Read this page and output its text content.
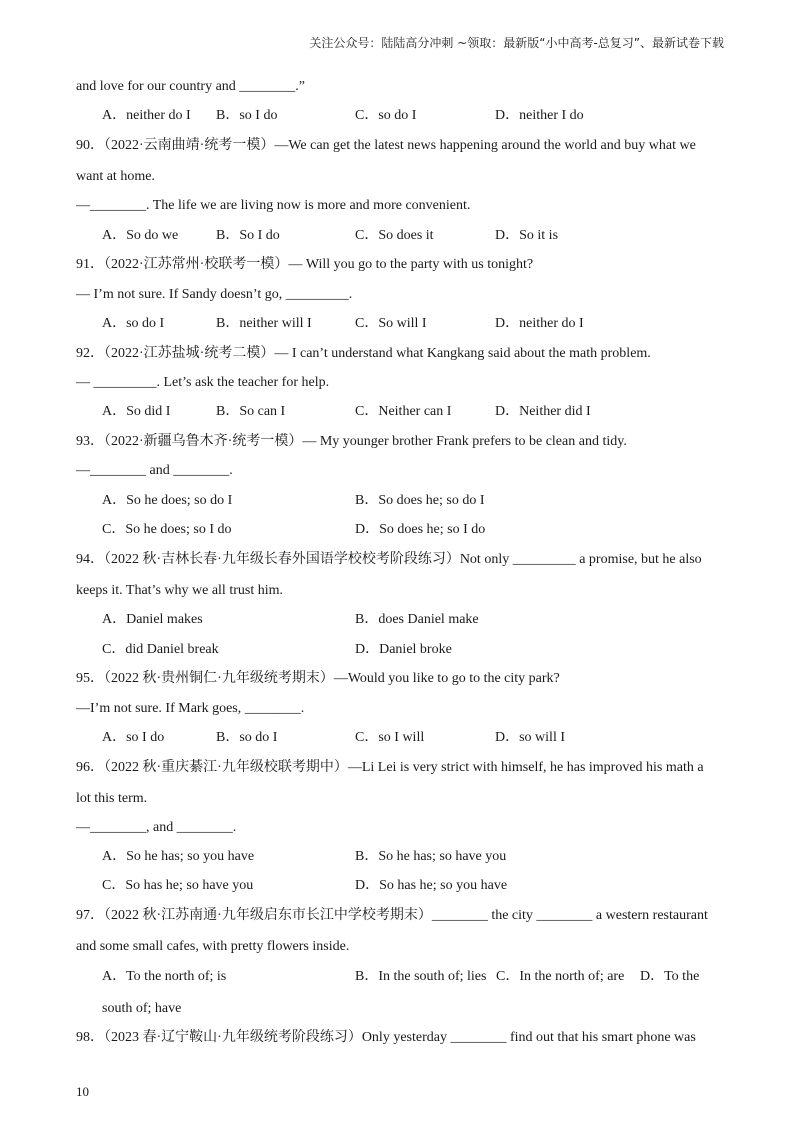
关注公众号：陆陆高分冲刺 ~领取：最新版“小中高考-总复习”、最新试卷下载
and love for our country and ________.”
A．neither do I B．so I do	C．so do I	D．neither I do
90．（2022·云南曲靖·统考一模）—We can get the latest news happening around the world and buy what we
want at home.
—________. The life we are living now is more and more convenient.
A．So do we	B．So I do	C．So does it	D．So it is
91．（2022·江苏常州·校联考一模）— Will you go to the party with us tonight?
— I’m not sure. If Sandy doesn’t go, _________.
A．so do I	B．neither will I	C．So will I	D．neither do I
92．（2022·江苏盐城·统考二模）— I can’t understand what Kangkang said about the math problem.
— _________. Let’s ask the teacher for help.
A．So did I	B．So can I	C．Neither can I	D．Neither did I
93．（2022·新疆乌鲁木齐·统考一模）— My younger brother Frank prefers to be clean and tidy.
—________ and ________.
A．So he does; so do I	B．So does he; so do I
C．So he does; so I do	D．So does he; so I do
94．（2022 秋·吉林长春·九年级长春外国语学校校考阶段练习）Not only _________ a promise, but he also
keeps it. That’s why we all trust him.
A．Daniel makes	B．does Daniel make
C．did Daniel break	D．Daniel broke
95．（2022 秋·贵州铜仁·九年级统考期末）—Would you like to go to the city park?
—I’m not sure. If Mark goes, ________.
A．so I do	B．so do I	C．so I will	D．so will I
96．（2022 秋·重庆綦江·九年级校联考期中）—Li Lei is very strict with himself, he has improved his math a
lot this term.
—________, and ________.
A．So he has; so you have	B．So he has; so have you
C．So has he; so have you	D．So has he; so you have
97．（2022 秋·江苏南通·九年级启东市长江中学校考期末）________ the city ________ a western restaurant
and some small cafes, with pretty flowers inside.
A．To the north of; is	B．In the south of; lies C．In the north of; are D．To the
south of; have
98．（2023 春·辽宁鞍山·九年级统考阶段练习）Only yesterday ________ find out that his smart phone was
10
